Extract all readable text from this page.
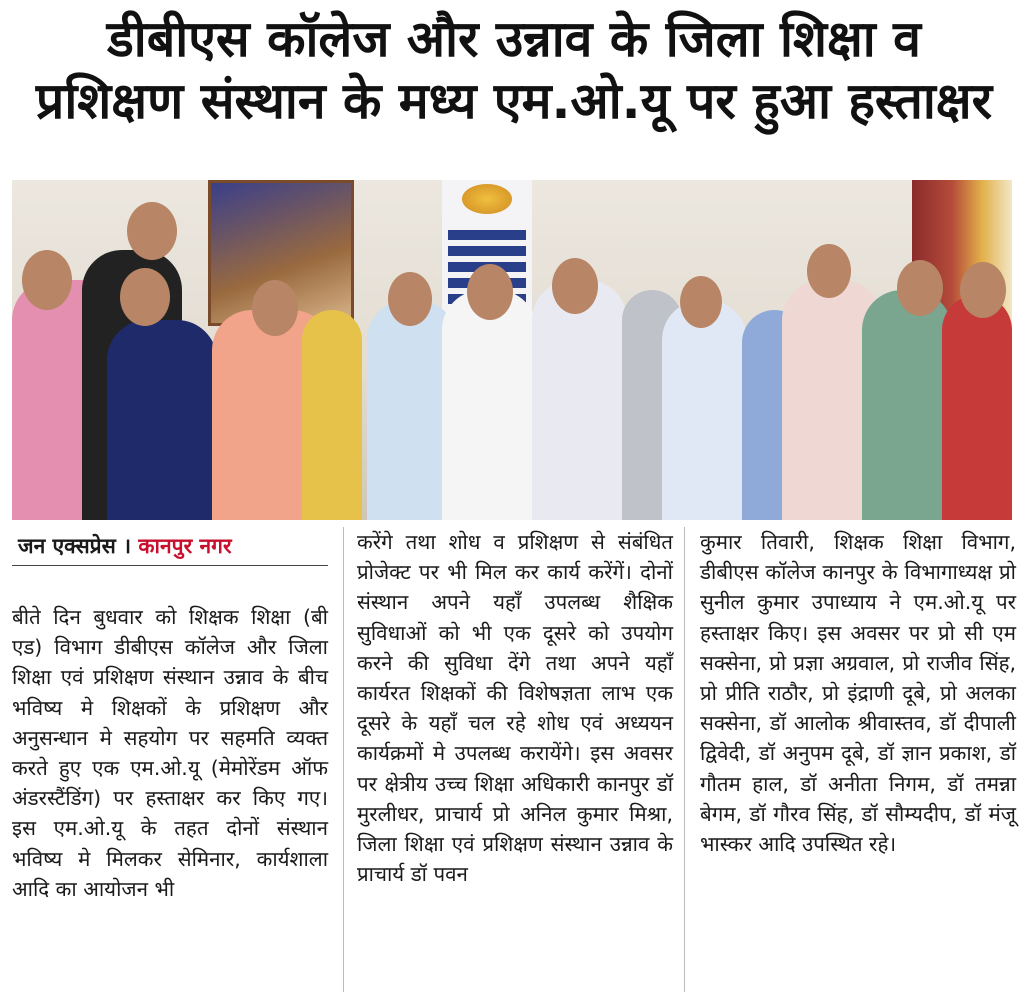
डीबीएस कॉलेज और उन्नाव के जिला शिक्षा व
प्रशिक्षण संस्थान के मध्य एम.ओ.यू पर हुआ हस्ताक्षर
जन एक्सप्रेस । कानपुर नगर

बीते दिन बुधवार को शिक्षक शिक्षा (बी एड) विभाग डीबीएस कॉलेज और जिला शिक्षा एवं प्रशिक्षण संस्थान उन्नाव के बीच भविष्य मे शिक्षकों के प्रशिक्षण और अनुसन्धान मे सहयोग पर सहमति व्यक्त करते हुए एक एम.ओ.यू (मेमोरेंडम ऑफ अंडरस्टैंडिंग) पर हस्ताक्षर कर किए गए। इस एम.ओ.यू के तहत दोनों संस्थान भविष्य मे मिलकर सेमिनार, कार्यशाला आदि का आयोजन भी

करेंगे तथा शोध व प्रशिक्षण से संबंधित प्रोजेक्ट पर भी मिल कर कार्य करेंगें। दोनों संस्थान अपने यहाँ उपलब्ध शैक्षिक सुविधाओं को भी एक दूसरे को उपयोग करने की सुविधा देंगे तथा अपने यहाँ कार्यरत शिक्षकों की विशेषज्ञता लाभ एक दूसरे के यहाँ चल रहे शोध एवं अध्ययन कार्यक्रमों मे उपलब्ध करायेंगे। इस अवसर पर क्षेत्रीय उच्च शिक्षा अधिकारी कानपुर डॉ मुरलीधर, प्राचार्य प्रो अनिल कुमार मिश्रा, जिला शिक्षा एवं प्रशिक्षण संस्थान उन्नाव के प्राचार्य डॉ पवन

कुमार तिवारी, शिक्षक शिक्षा विभाग, डीबीएस कॉलेज कानपुर के विभागाध्यक्ष प्रो सुनील कुमार उपाध्याय ने एम.ओ.यू पर हस्ताक्षर किए। इस अवसर पर प्रो सी एम सक्सेना, प्रो प्रज्ञा अग्रवाल, प्रो राजीव सिंह, प्रो प्रीति राठौर, प्रो इंद्राणी दूबे, प्रो अलका सक्सेना, डॉ आलोक श्रीवास्तव, डॉ दीपाली द्विवेदी, डॉ अनुपम दूबे, डॉ ज्ञान प्रकाश, डॉ गौतम हाल, डॉ अनीता निगम, डॉ तमन्ना बेगम, डॉ गौरव सिंह, डॉ सौम्यदीप, डॉ मंजू भास्कर आदि उपस्थित रहे।
